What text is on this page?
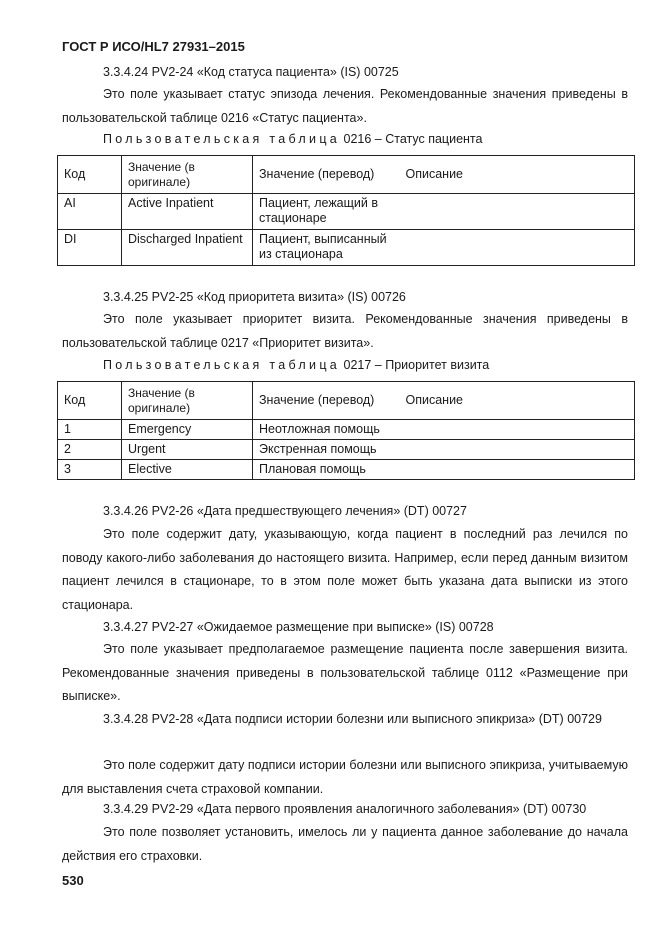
ГОСТ Р ИСО/HL7 27931–2015
3.3.4.24 PV2-24 «Код статуса пациента» (IS) 00725

Это поле указывает статус эпизода лечения. Рекомендованные значения приведены в пользовательской таблице 0216 «Статус пациента».

Пользовательская таблица 0216 – Статус пациента
Код	Значение (в оригинале)	Значение (перевод)	Описание
AI	Active Inpatient	Пациент, лежащий в стационаре	
DI	Discharged Inpatient	Пациент, выписанный из стационара	
3.3.4.25 PV2-25 «Код приоритета визита» (IS) 00726

Это поле указывает приоритет визита. Рекомендованные значения приведены в пользовательской таблице 0217 «Приоритет визита».

Пользовательская таблица 0217 – Приоритет визита
Код	Значение (в оригинале)	Значение (перевод)	Описание
1	Emergency	Неотложная помощь	
2	Urgent	Экстренная помощь	
3	Elective	Плановая помощь	
3.3.4.26 PV2-26 «Дата предшествующего лечения» (DT) 00727

Это поле содержит дату, указывающую, когда пациент в последний раз лечился по поводу какого-либо заболевания до настоящего визита. Например, если перед данным визитом пациент лечился в стационаре, то в этом поле может быть указана дата выписки из этого стационара.

3.3.4.27 PV2-27 «Ожидаемое размещение при выписке» (IS) 00728

Это поле указывает предполагаемое размещение пациента после завершения визита. Рекомендованные значения приведены в пользовательской таблице 0112 «Размещение при выписке».

3.3.4.28 PV2-28 «Дата подписи истории болезни или выписного эпикриза» (DT) 00729

Это поле содержит дату подписи истории болезни или выписного эпикриза, учитываемую для выставления счета страховой компании.

3.3.4.29 PV2-29 «Дата первого проявления аналогичного заболевания» (DT) 00730

Это поле позволяет установить, имелось ли у пациента данное заболевание до начала действия его страховки.

530
